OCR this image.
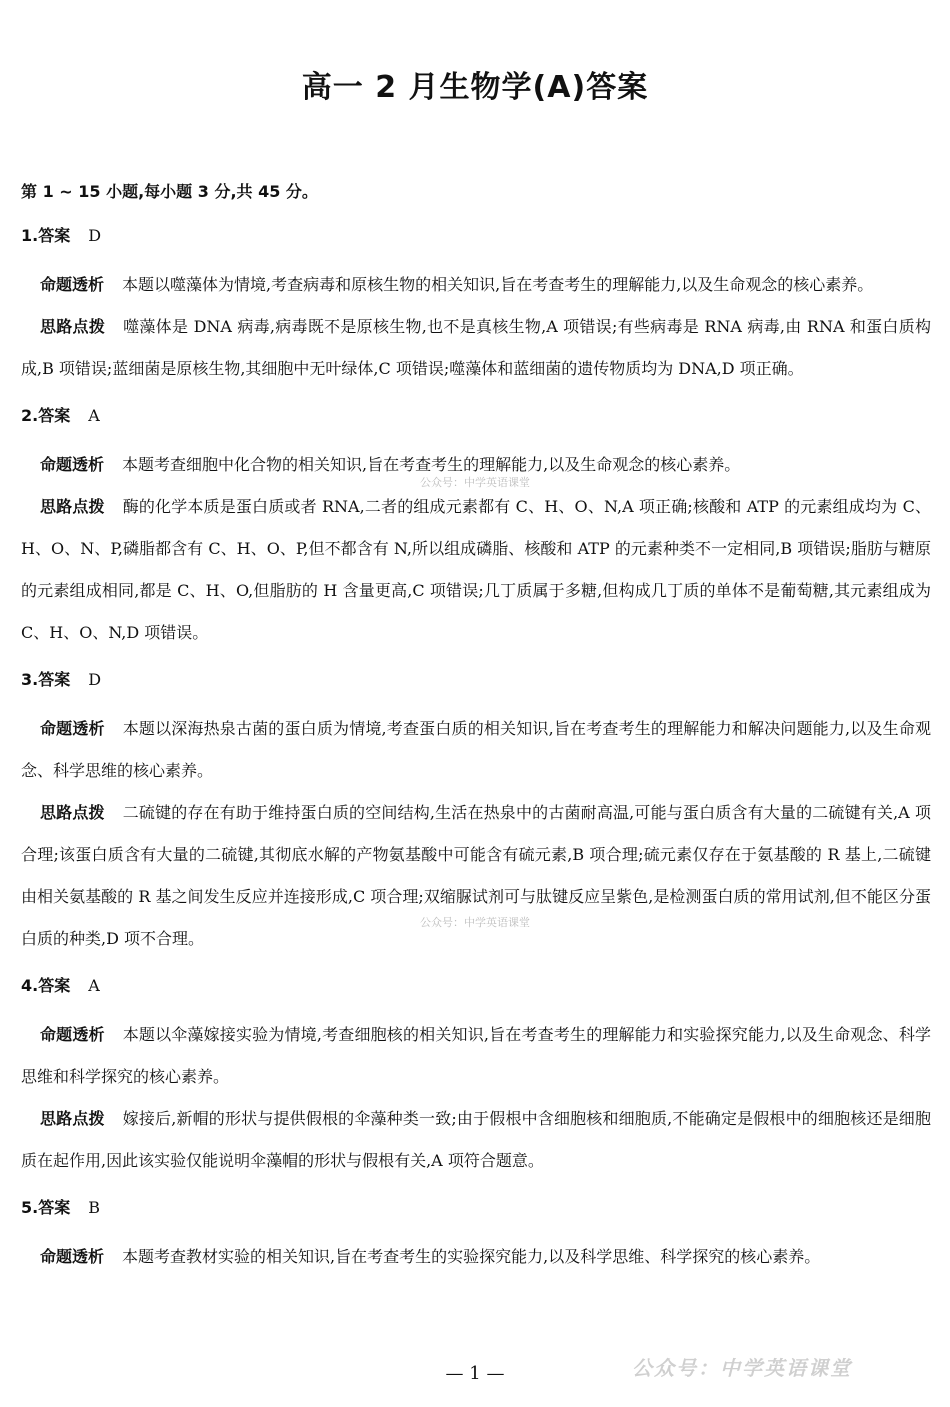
高一 2 月生物学(A)答案
公众号：中学英语课堂
公众号：中学英语课堂
第 1 ~ 15 小题,每小题 3 分,共 45 分。
1.答案 D

命题透析 本题以噬藻体为情境,考查病毒和原核生物的相关知识,旨在考查考生的理解能力,以及生命观念的核心素养。

思路点拨 噬藻体是 DNA 病毒,病毒既不是原核生物,也不是真核生物,A 项错误;有些病毒是 RNA 病毒,由 RNA 和蛋白质构成,B 项错误;蓝细菌是原核生物,其细胞中无叶绿体,C 项错误;噬藻体和蓝细菌的遗传物质均为 DNA,D 项正确。

2.答案 A

命题透析 本题考查细胞中化合物的相关知识,旨在考查考生的理解能力,以及生命观念的核心素养。

思路点拨 酶的化学本质是蛋白质或者 RNA,二者的组成元素都有 C、H、O、N,A 项正确;核酸和 ATP 的元素组成均为 C、H、O、N、P,磷脂都含有 C、H、O、P,但不都含有 N,所以组成磷脂、核酸和 ATP 的元素种类不一定相同,B 项错误;脂肪与糖原的元素组成相同,都是 C、H、O,但脂肪的 H 含量更高,C 项错误;几丁质属于多糖,但构成几丁质的单体不是葡萄糖,其元素组成为 C、H、O、N,D 项错误。

3.答案 D

命题透析 本题以深海热泉古菌的蛋白质为情境,考查蛋白质的相关知识,旨在考查考生的理解能力和解决问题能力,以及生命观念、科学思维的核心素养。

思路点拨 二硫键的存在有助于维持蛋白质的空间结构,生活在热泉中的古菌耐高温,可能与蛋白质含有大量的二硫键有关,A 项合理;该蛋白质含有大量的二硫键,其彻底水解的产物氨基酸中可能含有硫元素,B 项合理;硫元素仅存在于氨基酸的 R 基上,二硫键由相关氨基酸的 R 基之间发生反应并连接形成,C 项合理;双缩脲试剂可与肽键反应呈紫色,是检测蛋白质的常用试剂,但不能区分蛋白质的种类,D 项不合理。

4.答案 A

命题透析 本题以伞藻嫁接实验为情境,考查细胞核的相关知识,旨在考查考生的理解能力和实验探究能力,以及生命观念、科学思维和科学探究的核心素养。

思路点拨 嫁接后,新帽的形状与提供假根的伞藻种类一致;由于假根中含细胞核和细胞质,不能确定是假根中的细胞核还是细胞质在起作用,因此该实验仅能说明伞藻帽的形状与假根有关,A 项符合题意。

5.答案 B

命题透析 本题考查教材实验的相关知识,旨在考查考生的实验探究能力,以及科学思维、科学探究的核心素养。

— 1 —	公众号：中学英语课堂
